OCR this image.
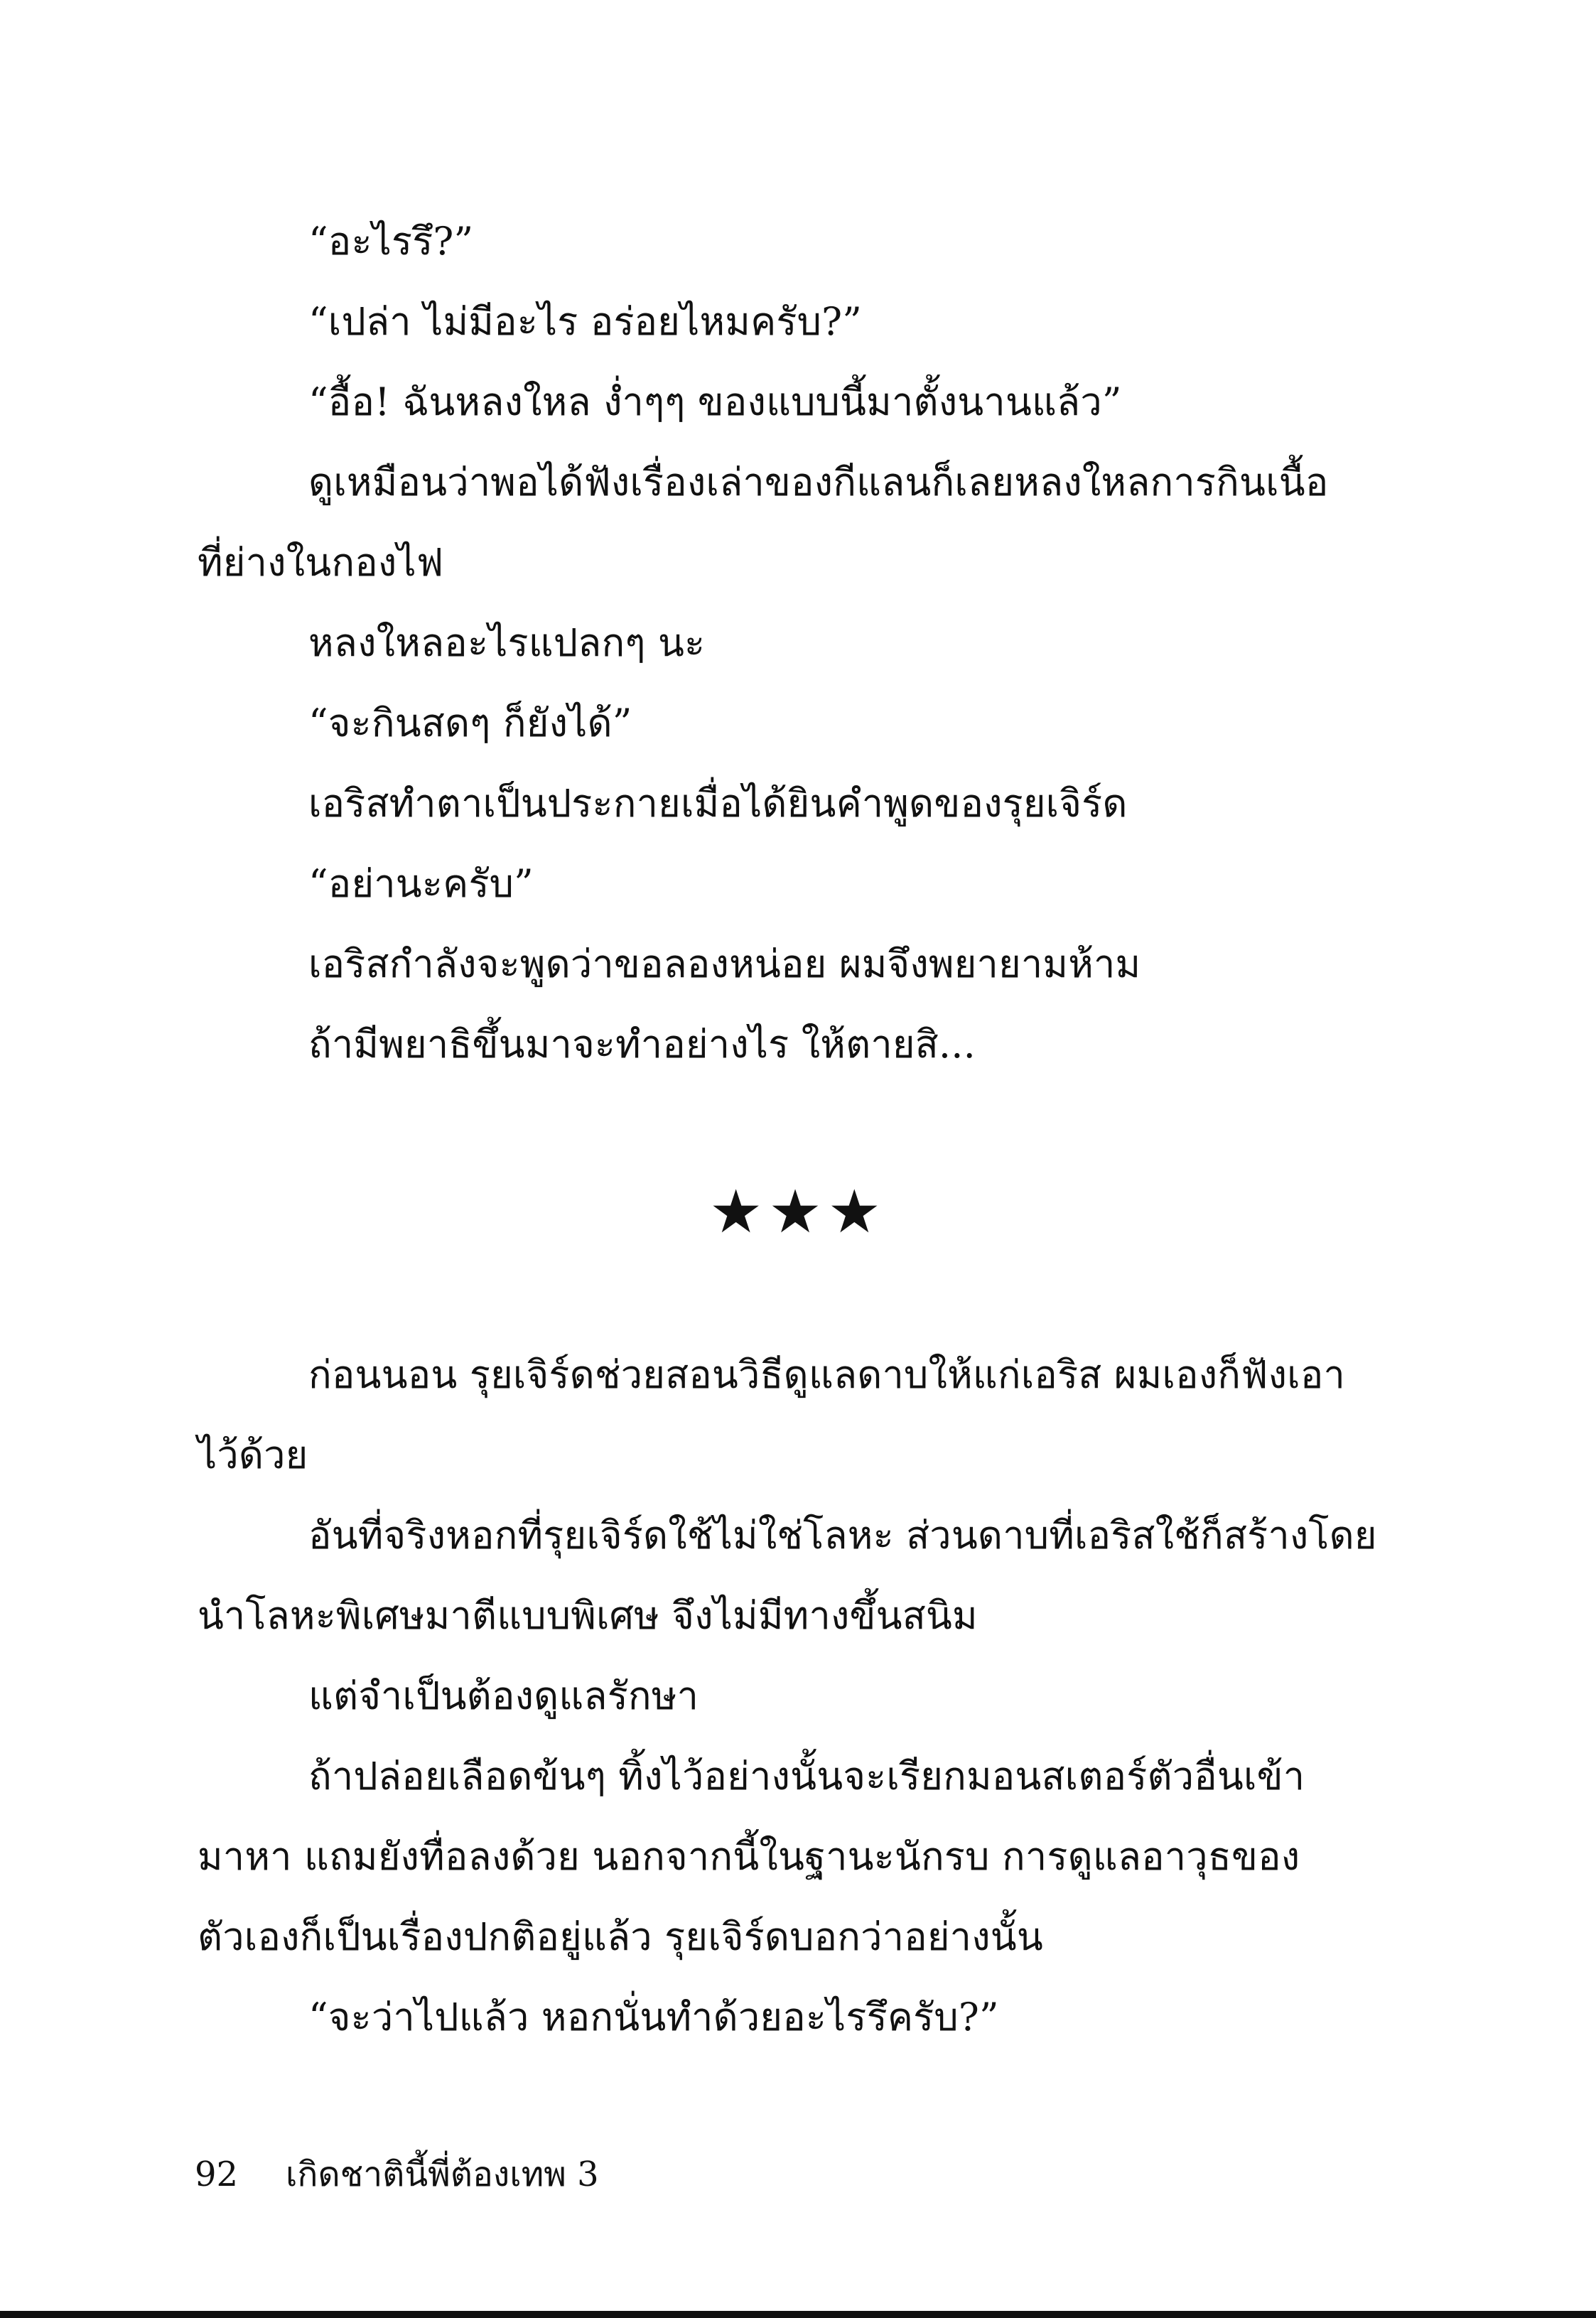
“อะไรรึ?”
“เปล่า ไม่มีอะไร อร่อยไหมครับ?”
“อื้อ! ฉันหลงใหล ง่ำๆๆ ของแบบนี้มาตั้งนานแล้ว”
ดูเหมือนว่าพอได้ฟังเรื่องเล่าของกีแลนก็เลยหลงใหลการกินเนื้อ
ที่ย่างในกองไฟ
หลงใหลอะไรแปลกๆ นะ
“จะกินสดๆ ก็ยังได้”
เอริสทำตาเป็นประกายเมื่อได้ยินคำพูดของรุยเจิร์ด
“อย่านะครับ”
เอริสกำลังจะพูดว่าขอลองหน่อย ผมจึงพยายามห้าม
ถ้ามีพยาธิขึ้นมาจะทำอย่างไร ให้ตายสิ...
★★★
ก่อนนอน รุยเจิร์ดช่วยสอนวิธีดูแลดาบให้แก่เอริส ผมเองก็ฟังเอา
ไว้ด้วย
อันที่จริงหอกที่รุยเจิร์ดใช้ไม่ใช่โลหะ ส่วนดาบที่เอริสใช้ก็สร้างโดย
นำโลหะพิเศษมาตีแบบพิเศษ จึงไม่มีทางขึ้นสนิม
แต่จำเป็นต้องดูแลรักษา
ถ้าปล่อยเลือดข้นๆ ทิ้งไว้อย่างนั้นจะเรียกมอนสเตอร์ตัวอื่นเข้า
มาหา แถมยังทื่อลงด้วย นอกจากนี้ในฐานะนักรบ การดูแลอาวุธของ
ตัวเองก็เป็นเรื่องปกติอยู่แล้ว รุยเจิร์ดบอกว่าอย่างนั้น
“จะว่าไปแล้ว หอกนั่นทำด้วยอะไรรึครับ?”
92 เกิดชาตินี้พี่ต้องเทพ 3
